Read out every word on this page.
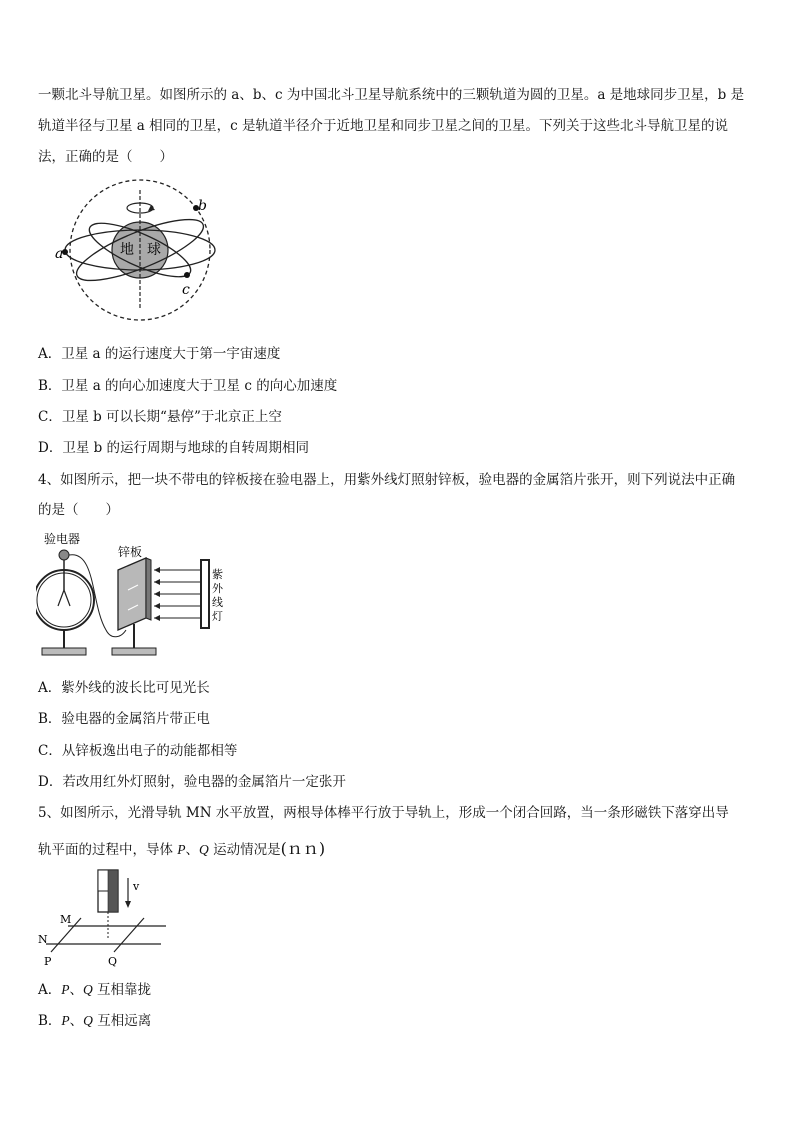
一颗北斗导航卫星。如图所示的 a、b、c 为中国北斗卫星导航系统中的三颗轨道为圆的卫星。a 是地球同步卫星，b 是
轨道半径与卫星 a 相同的卫星，c 是轨道半径介于近地卫星和同步卫星之间的卫星。下列关于这些北斗导航卫星的说
法，正确的是（　　）
地 球
a
b
c
A．卫星 a 的运行速度大于第一宇宙速度
B．卫星 a 的向心加速度大于卫星 c 的向心加速度
C．卫星 b 可以长期“悬停”于北京正上空
D．卫星 b 的运行周期与地球的自转周期相同
4、如图所示，把一块不带电的锌板接在验电器上，用紫外线灯照射锌板，验电器的金属箔片张开，则下列说法中正确
的是（　　）
验电器
锌板
紫
外
线
灯
A．紫外线的波长比可见光长
B．验电器的金属箔片带正电
C．从锌板逸出电子的动能都相等
D．若改用红外灯照射，验电器的金属箔片一定张开
5、如图所示，光滑导轨 MN 水平放置，两根导体棒平行放于导轨上，形成一个闭合回路，当一条形磁铁下落穿出导
轨平面的过程中，导体 P、Q 运动情况是(ｎｎ)
v
M
N
P	Q
A．P、Q 互相靠拢
B．P、Q 互相远离
